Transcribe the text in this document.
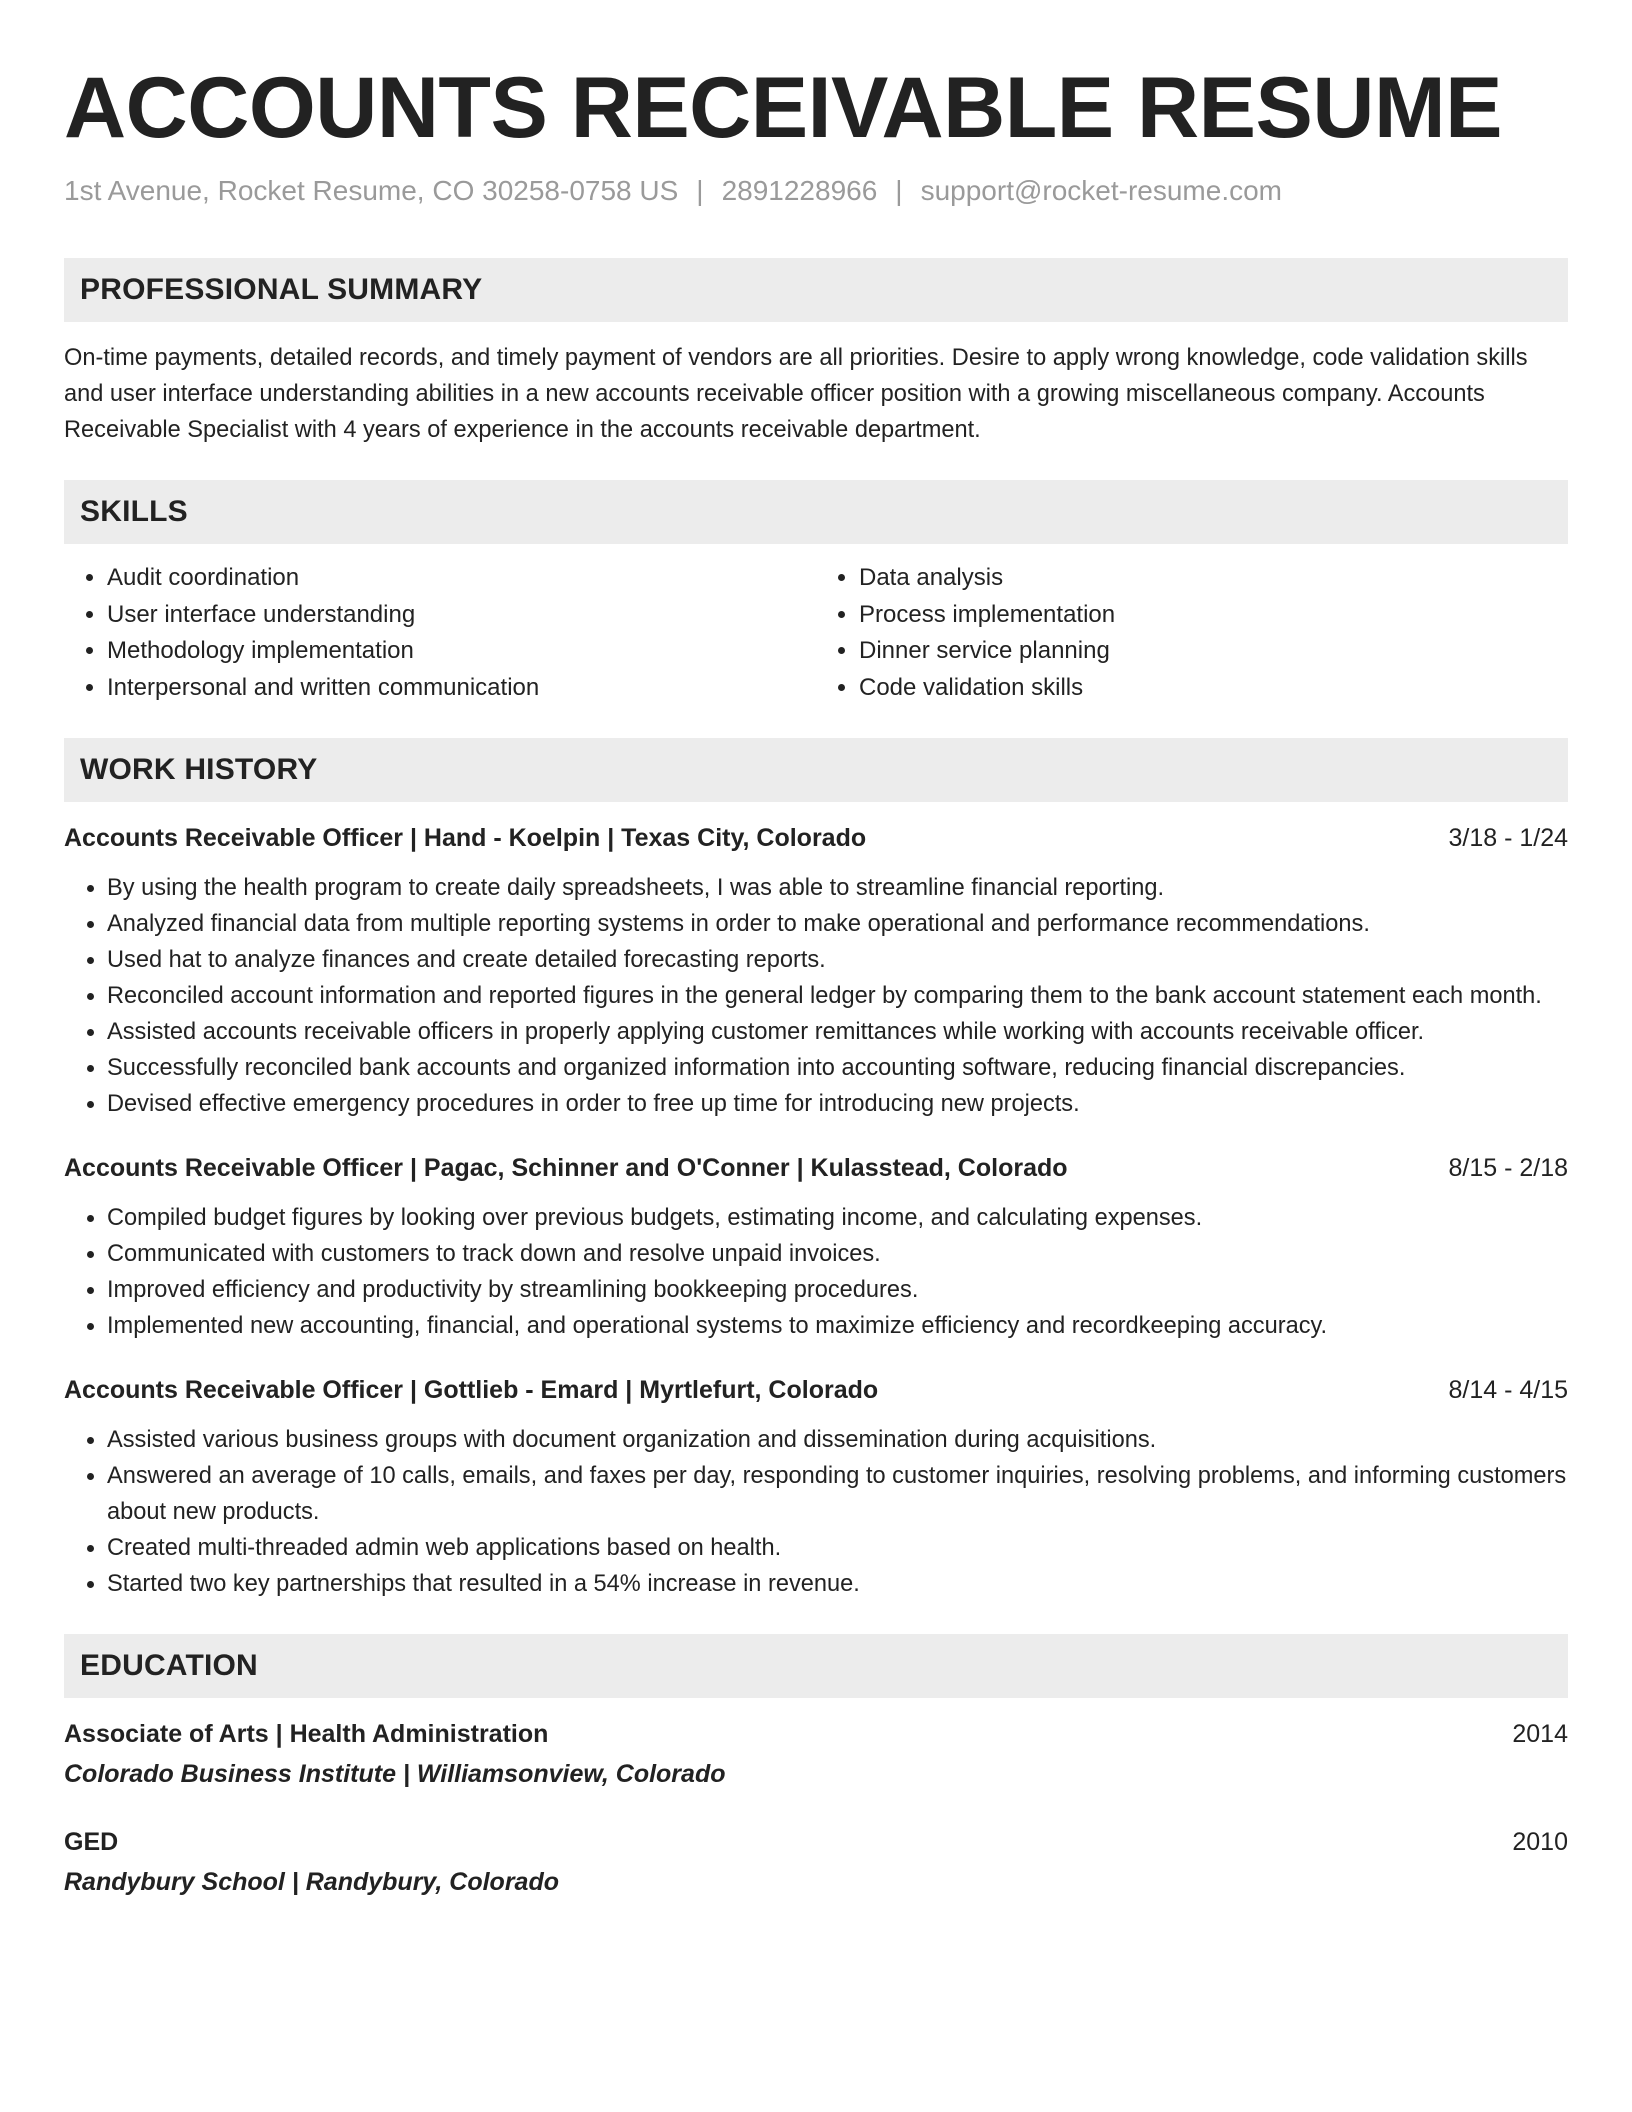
ACCOUNTS RECEIVABLE RESUME
1st Avenue, Rocket Resume, CO 30258-0758 US | 2891228966 | support@rocket-resume.com
PROFESSIONAL SUMMARY

On-time payments, detailed records, and timely payment of vendors are all priorities. Desire to apply wrong knowledge, code validation skills and user interface understanding abilities in a new accounts receivable officer position with a growing miscellaneous company. Accounts Receivable Specialist with 4 years of experience in the accounts receivable department.

SKILLS
• Audit coordination
• User interface understanding
• Methodology implementation
• Interpersonal and written communication
• Data analysis
• Process implementation
• Dinner service planning
• Code validation skills
WORK HISTORY
Accounts Receivable Officer | Hand - Koelpin | Texas City, Colorado	3/18 - 1/24
• By using the health program to create daily spreadsheets, I was able to streamline financial reporting.
• Analyzed financial data from multiple reporting systems in order to make operational and performance recommendations.
• Used hat to analyze finances and create detailed forecasting reports.
• Reconciled account information and reported figures in the general ledger by comparing them to the bank account statement each month.
• Assisted accounts receivable officers in properly applying customer remittances while working with accounts receivable officer.
• Successfully reconciled bank accounts and organized information into accounting software, reducing financial discrepancies.
• Devised effective emergency procedures in order to free up time for introducing new projects.
Accounts Receivable Officer | Pagac, Schinner and O'Conner | Kulasstead, Colorado	8/15 - 2/18
• Compiled budget figures by looking over previous budgets, estimating income, and calculating expenses.
• Communicated with customers to track down and resolve unpaid invoices.
• Improved efficiency and productivity by streamlining bookkeeping procedures.
• Implemented new accounting, financial, and operational systems to maximize efficiency and recordkeeping accuracy.
Accounts Receivable Officer | Gottlieb - Emard | Myrtlefurt, Colorado	8/14 - 4/15
• Assisted various business groups with document organization and dissemination during acquisitions.
• Answered an average of 10 calls, emails, and faxes per day, responding to customer inquiries, resolving problems, and informing customers about new products.
• Created multi-threaded admin web applications based on health.
• Started two key partnerships that resulted in a 54% increase in revenue.
EDUCATION
Associate of Arts | Health Administration	2014
Colorado Business Institute | Williamsonview, Colorado
GED	2010
Randybury School | Randybury, Colorado
